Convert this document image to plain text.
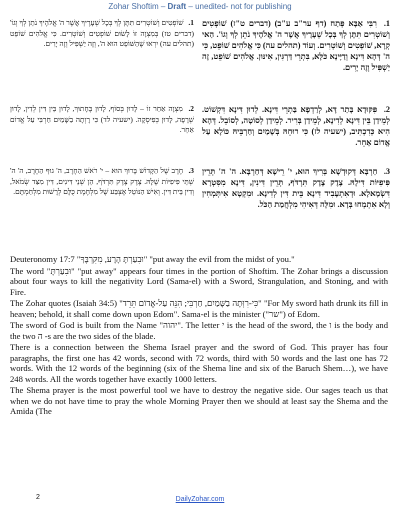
Zohar Shoftim – Draft – unedited- not for publishing
1. רִבִּי אַבָּא פְּתַח (דף ער"ב ע"ב) (דברים ט"ז) שׁוֹפְטִים וְשׁוֹטְרִים תִּתֶּן לְךָ בְּכָל שְׁעָרֶיךָ אֲשֶׁר ה' אֱלֹהֶיךָ נֹתֵן לְךָ וְגוֹ'. הַאי קְרָא, שׁוֹפְטִים וְשׁוֹטְרִים. וְעוֹד (תהלים עה) כִּי אֱלֹהִים שׁוֹפֵט, כִּי ה' דְּהָא דִּינָא וְדַיָּינָא כֹּלָּא, בִּתְרֵי דַּרְגִּין, אִינּוּן. אֱלֹהִים שׁוֹפֵט, זֶה יַשְׁפִּיל וְזֶה יָרִים.
1. שׁוֹפְטִים וְשׁוֹטְרִים תִּתֶּן לְךָ בְּכָל שְׁעָרֶיךָ אֲשֶׁר ה' אֱלֹהֶיךָ נֹתֵן לְךָ וְגוֹ' (דברים טז) בְּמִצְוָה זוֹ לָשׂוּם שׁוֹפְטִים וְשׁוֹטְרִים. כִּי אֱלֹהִים שׁוֹפֵט (תהלים עה) יִרְאוּ שֶׁהַשּׁוֹפֵט הוּא ה', וְזֶה יַשְׁפִּיל וְזֶה יָרִים.
2. פִּקּוּדָא בָּתַר דָּא, לְרַדְפָא בַּתְרֵי דִּינָא. לְדוּן דִּינָא דִּקְשׁוֹט. לְמֵידַן בֵּין דִּינָא לְדִינָא, לְמֵידַן בְּרִיר. לְמֵידַן לְסוֹטָה, לְסוֹבֵל. דְּהָא הִיא כְּדִכְתִּיב, (ישעיה לז) כִּי רוּחֵהּ בְּשָׁמַיִם וְחַרְבֵּיהּ כּוֹלָא עַל אֱדוֹם אַחֵר.
2. מִצְוָה אַחַר זוֹ – לָדוּן בְּסוֹף, לָדוּן בֶּחָתוּךְ, לָדוּן בֵּין דִּין לְדִין, לָדוּן שְׁרָפָה, לָדוּן כְּפִיסְקָה. (ישעיה לד) כִּי רָוְתָה בַשָּׁמַיִם חַרְבִּי עַל אֱדוֹם אַחֵר.
3. חַרְבָּא דְּקוּדְשָׁא בְּרִיךְ הוּא, י' רֵישָׁא דְּחַרְבָּא. ה' ה' תְּרֵין פִּיפִיּוֹת דִּילָהּ. צֶדֶק צֶדֶק תִּרְדֹּף, תְּרֵין דִּינִין, דִּינָא מִסִּטְרָא דִּשְׂמָאלָא. וּדְאִתְעָבִיד דִּינָא בֵּית דִּין לְדִינָא. וּמִקְטָא אִיתְּמְחִין וְלָא אִתְמְחוּ בְּדָא. וּמִלָּה דְּאִיהִי מִלְחֲמַת הַכֹּל.
3. חֶרֶב שֶׁל הַקָּדוֹשׁ בָּרוּךְ הוּא – י' רֹאשׁ הַחֶרֶב, ה' גוּף הַחֶרֶב, ה' ה' שְׁתֵּי פִּיפִיּוֹת שֶׁלָּהּ. צֶדֶק צֶדֶק תִּרְדֹּף, הֵן שְׁנֵי דִּינִים, דִּין מִצַּד שְׂמֹאל, וְדִין בֵּית דִּין. וְאִישׁ הַנּוֹטֵל אֶצְבַּע שֶׁל מִלְחֶמֶת כֻּלָּם לְרָשׁוּת מִלְחַמְתָּם.

Deuteronomy 17:7 "וּבִעַרְתָּ הָרָע, מִקִּרְבֶּךָ" "put away the evil from the midst of you."

The word "וּבִעַרְתָּ" "put away" appears four times in the portion of Shoftim. The Zohar brings a discussion about four ways to kill the negativity Lord (Sama-el) with a Sword, Strangulation, and Stoning, and with Fire.

The Zohar quotes (Isaiah 34:5) "כִּי-רִוְּתָה בַשָּׁמַיִם, חַרְבִּי; הִנֵּה עַל-אֱדוֹם תֵּרֵד" "For My sword hath drunk its fill in heaven; behold, it shall come down upon Edom". Sama-el is the minister ("שר") of Edom.

The sword of God is built from the Name "יהוה". The letter י is the head of the sword, the ו is the body and the two ה -s are the two sides of the blade.

There is a connection between the Shema Israel prayer and the sword of God. This prayer has four paragraphs, the first one has 42 words, second with 72 words, third with 50 words and the last one has 72 words. With the 12 words of the beginning (six of the Shema line and six of the Baruch Shem…), we have 248 words. All the words together have exactly 1000 letters.

The Shema prayer is the most powerful tool we have to destroy the negative side. Our sages teach us that when we do not have time to pray the whole Morning Prayer then we should at least say the Shema and the Amida (The

2	DailyZohar.com
